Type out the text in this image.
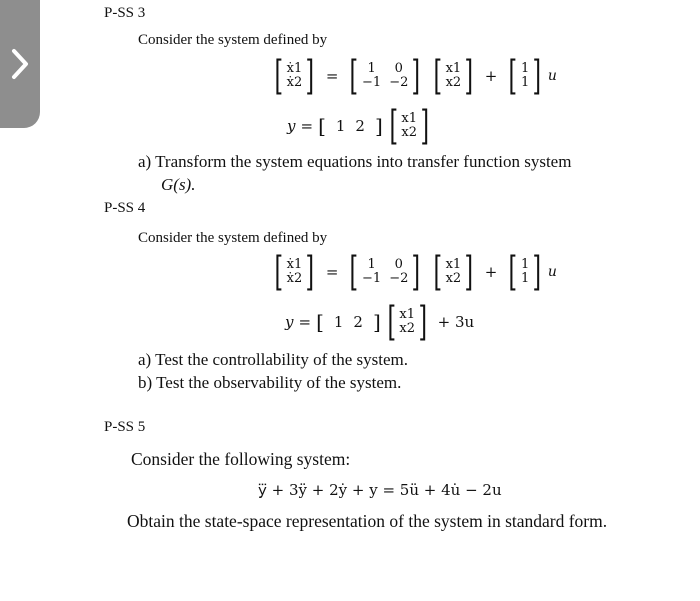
P-SS 3
Consider the system defined by
[ ẋ1
ẋ2 ] = [ 1	0
−1 −2 ] [ x1
x2 ] + [ 1
1 ] u
y = [ 1 2 ] [ x1
x2 ]
a) Transform the system equations into transfer function system
G(s).
P-SS 4
Consider the system defined by
[ ẋ1
ẋ2 ] = [ 1	0
−1 −2 ] [ x1
x2 ] + [ 1
1 ] u
y = [ 1 2 ] [ x1
x2 ] + 3u
a) Test the controllability of the system.
b) Test the observability of the system.
P-SS 5
Consider the following system:
y⃛ + 3ÿ + 2ẏ + y = 5ü + 4u̇ − 2u
Obtain the state-space representation of the system in standard form.
